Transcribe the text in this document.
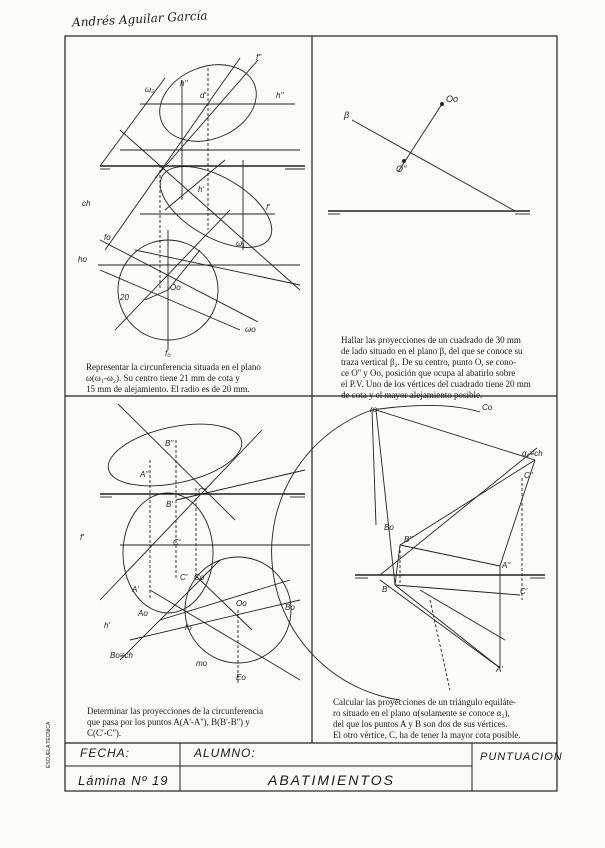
ω₂
h''
d'
f''
h''
h'
f'
ω₁
ch
ho
fo
20
Oo
f₀
ωo
β
Oo
O''
B''
A''
B'
C''
C'
C' Co
A'
Ao
Oo	Bo
Bo≡ch
h'
mo
fo
Eo
f'
ro	Co
α₂≡ch
C''
Bo
B''
A''
B'	C'
A'
Andrés Aguilar García
ESCUELA TÉCNICA
Representar la circunferencia situada en el plano
ω(ω₁-ω₂). Su centro tiene 21 mm de cota y
15 mm de alejamiento. El radio es de 20 mm.
Hallar las proyecciones de un cuadrado de 30 mm
de lado situado en el plano β, del que se conoce su
traza vertical β₂. De su centro, punto O, se cono-
ce O'' y Oo, posición que ocupa al abatirlo sobre
el P.V. Uno de los vértices del cuadrado tiene 20 mm
de cota y el mayor alejamiento posible.
Determinar las proyecciones de la circunferencia
que pasa por los puntos A(A'-A''), B(B'-B'') y
C(C'-C'').
Calcular las proyecciones de un triángulo equiláte-
ro situado en el plano α(solamente se conoce α₂),
del que los puntos A y B son dos de sus vértices.
El otro vértice, C, ha de tener la mayor cota posible.
FECHA:	ALUMNO:	PUNTUACION
Lámina Nº 19	ABATIMIENTOS
